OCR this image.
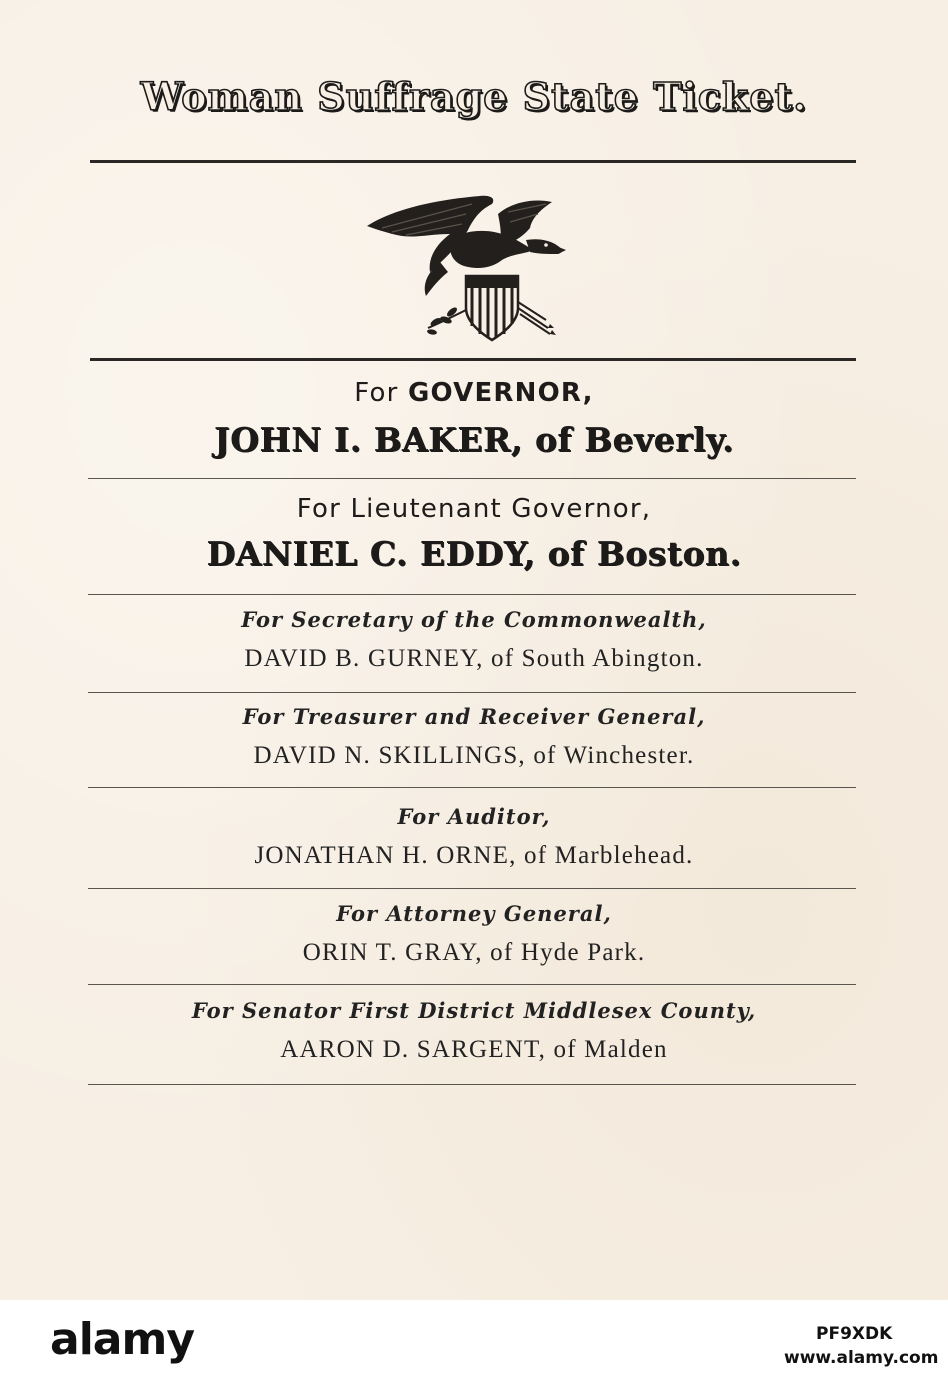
Woman Suffrage State Ticket.
For GOVERNOR,
JOHN I. BAKER, of Beverly.
For Lieutenant Governor,
DANIEL C. EDDY, of Boston.
For Secretary of the Commonwealth,
DAVID B. GURNEY, of South Abington.
For Treasurer and Receiver General,
DAVID N. SKILLINGS, of Winchester.
For Auditor,
JONATHAN H. ORNE, of Marblehead.
For Attorney General,
ORIN T. GRAY, of Hyde Park.
For Senator First District Middlesex County,
AARON D. SARGENT, of Malden
alamy	PF9XDK
www.alamy.com
